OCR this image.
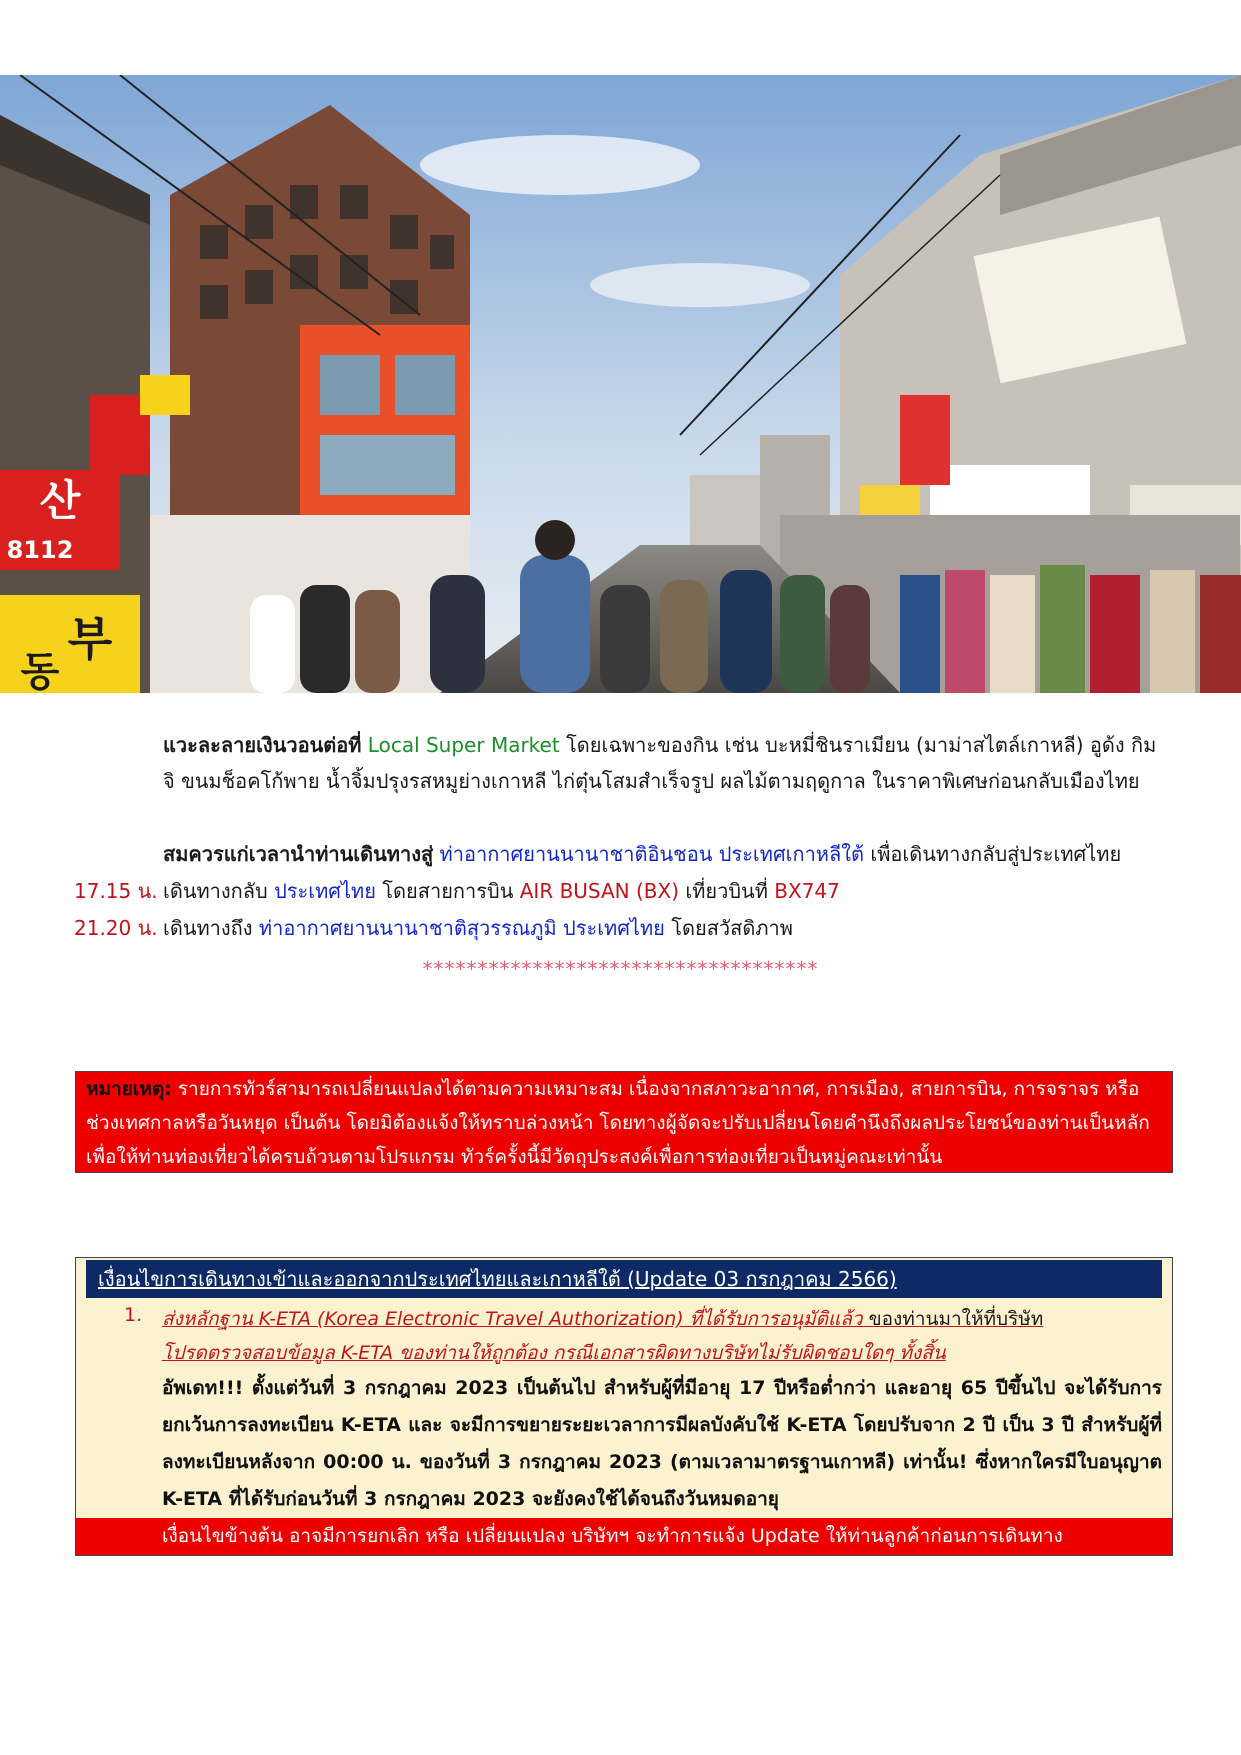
산
8112
부
동
แวะละลายเงินวอนต่อที่ Local Super Market โดยเฉพาะของกิน เช่น บะหมี่ชินราเมียน (มาม่าสไตล์เกาหลี) อูด้ง กิมจิ ขนมช็อคโก้พาย น้ำจิ้มปรุงรสหมูย่างเกาหลี ไก่ตุ๋นโสมสำเร็จรูป ผลไม้ตามฤดูกาล ในราคาพิเศษก่อนกลับเมืองไทย
สมควรแก่เวลานำท่านเดินทางสู่ ท่าอากาศยานนานาชาติอินชอน ประเทศเกาหลีใต้ เพื่อเดินทางกลับสู่ประเทศไทย
17.15 น. เดินทางกลับ ประเทศไทย โดยสายการบิน AIR BUSAN (BX) เที่ยวบินที่ BX747
21.20 น. เดินทางถึง ท่าอากาศยานนานาชาติสุวรรณภูมิ ประเทศไทย โดยสวัสดิภาพ
************************************
หมายเหตุ: รายการทัวร์สามารถเปลี่ยนแปลงได้ตามความเหมาะสม เนื่องจากสภาวะอากาศ, การเมือง, สายการบิน, การจราจร หรือช่วงเทศกาลหรือวันหยุด เป็นต้น โดยมิต้องแจ้งให้ทราบล่วงหน้า โดยทางผู้จัดจะปรับเปลี่ยนโดยคำนึงถึงผลประโยชน์ของท่านเป็นหลัก เพื่อให้ท่านท่องเที่ยวได้ครบถ้วนตามโปรแกรม ทัวร์ครั้งนี้มีวัตถุประสงค์เพื่อการท่องเที่ยวเป็นหมู่คณะเท่านั้น
เงื่อนไขการเดินทางเข้าและออกจากประเทศไทยและเกาหลีใต้ (Update 03 กรกฎาคม 2566)
1. ส่งหลักฐาน K-ETA (Korea Electronic Travel Authorization) ที่ได้รับการอนุมัติแล้ว ของท่านมาให้ที่บริษัท
โปรดตรวจสอบข้อมูล K-ETA ของท่านให้ถูกต้อง กรณีเอกสารผิดทางบริษัทไม่รับผิดชอบใดๆ ทั้งสิ้น
อัพเดท!!! ตั้งแต่วันที่ 3 กรกฎาคม 2023 เป็นต้นไป สำหรับผู้ที่มีอายุ 17 ปีหรือต่ำกว่า และอายุ 65 ปีขึ้นไป จะได้รับการยกเว้นการลงทะเบียน K-ETA และ จะมีการขยายระยะเวลาการมีผลบังคับใช้ K-ETA โดยปรับจาก 2 ปี เป็น 3 ปี สำหรับผู้ที่ลงทะเบียนหลังจาก 00:00 น. ของวันที่ 3 กรกฎาคม 2023 (ตามเวลามาตรฐานเกาหลี) เท่านั้น! ซึ่งหากใครมีใบอนุญาต K-ETA ที่ได้รับก่อนวันที่ 3 กรกฎาคม 2023 จะยังคงใช้ได้จนถึงวันหมดอายุ
เงื่อนไขข้างต้น อาจมีการยกเลิก หรือ เปลี่ยนแปลง บริษัทฯ จะทำการแจ้ง Update ให้ท่านลูกค้าก่อนการเดินทาง
